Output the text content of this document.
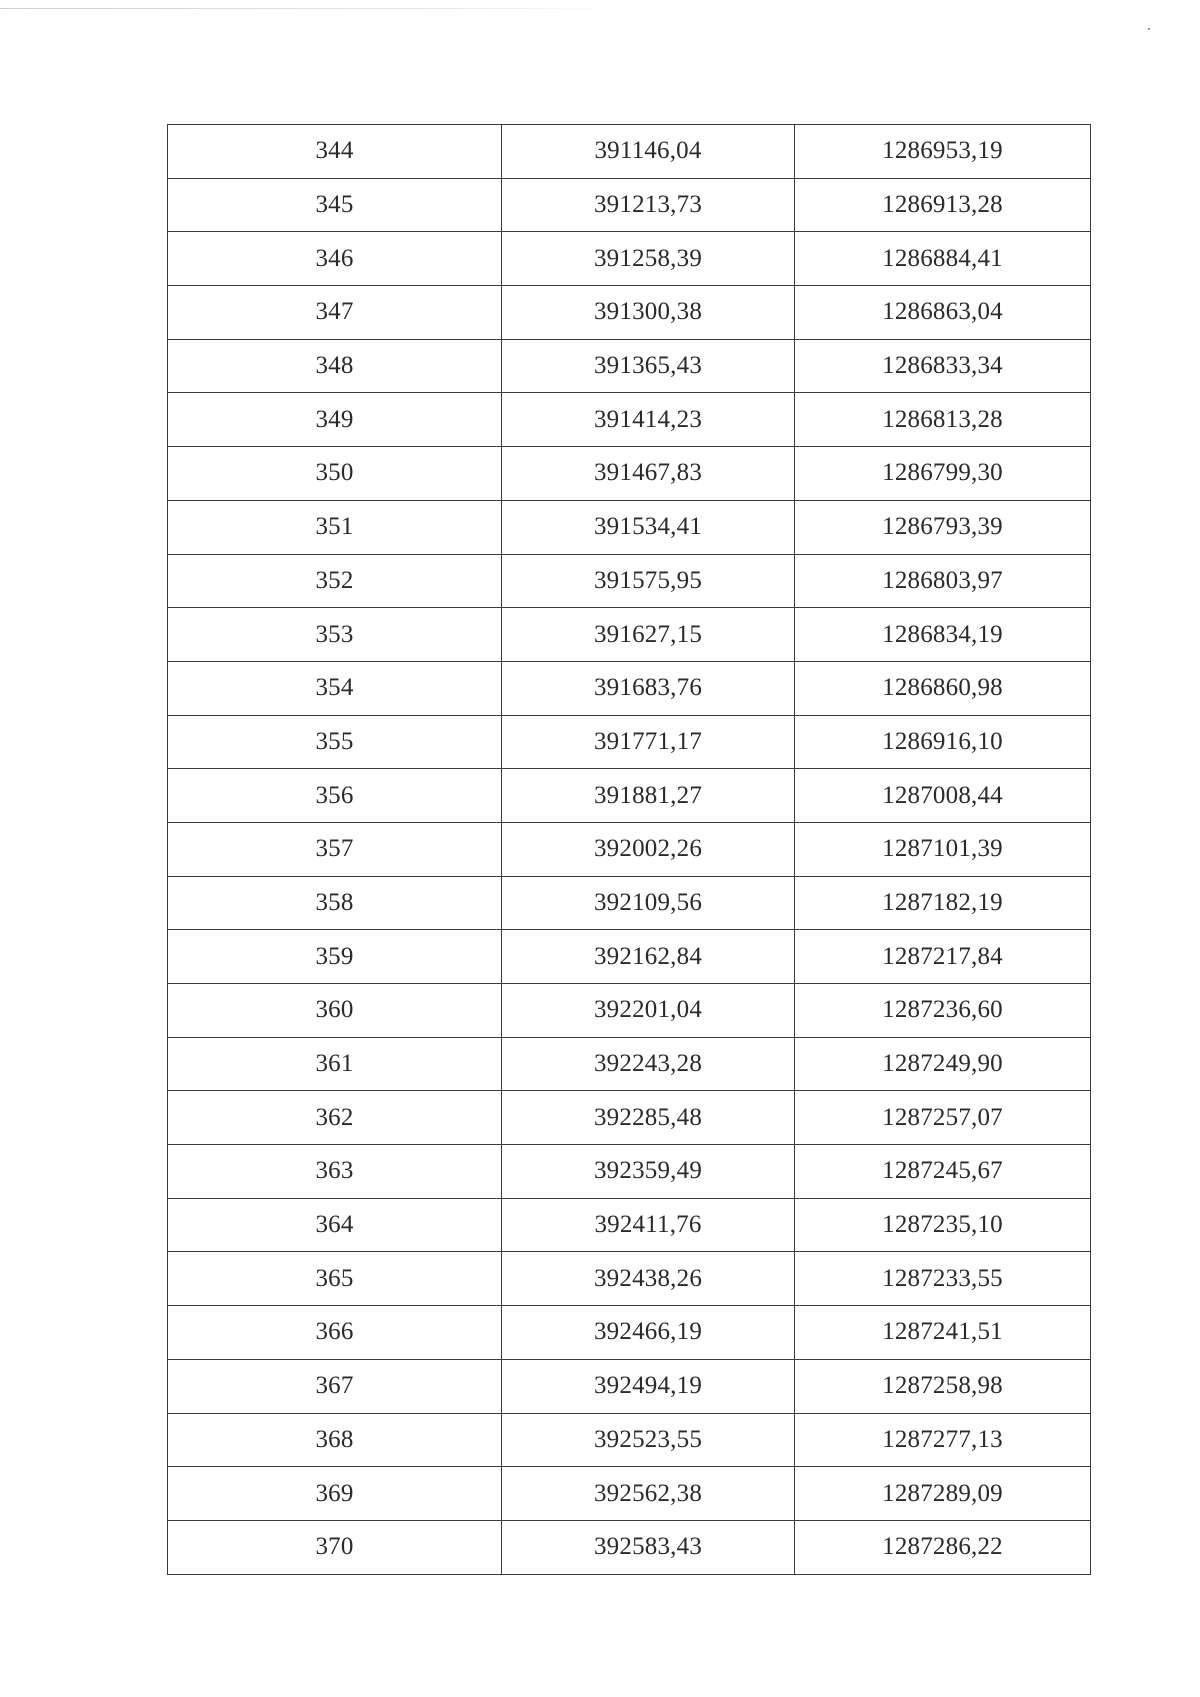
344	391146,04	1286953,19
345	391213,73	1286913,28
346	391258,39	1286884,41
347	391300,38	1286863,04
348	391365,43	1286833,34
349	391414,23	1286813,28
350	391467,83	1286799,30
351	391534,41	1286793,39
352	391575,95	1286803,97
353	391627,15	1286834,19
354	391683,76	1286860,98
355	391771,17	1286916,10
356	391881,27	1287008,44
357	392002,26	1287101,39
358	392109,56	1287182,19
359	392162,84	1287217,84
360	392201,04	1287236,60
361	392243,28	1287249,90
362	392285,48	1287257,07
363	392359,49	1287245,67
364	392411,76	1287235,10
365	392438,26	1287233,55
366	392466,19	1287241,51
367	392494,19	1287258,98
368	392523,55	1287277,13
369	392562,38	1287289,09
370	392583,43	1287286,22
